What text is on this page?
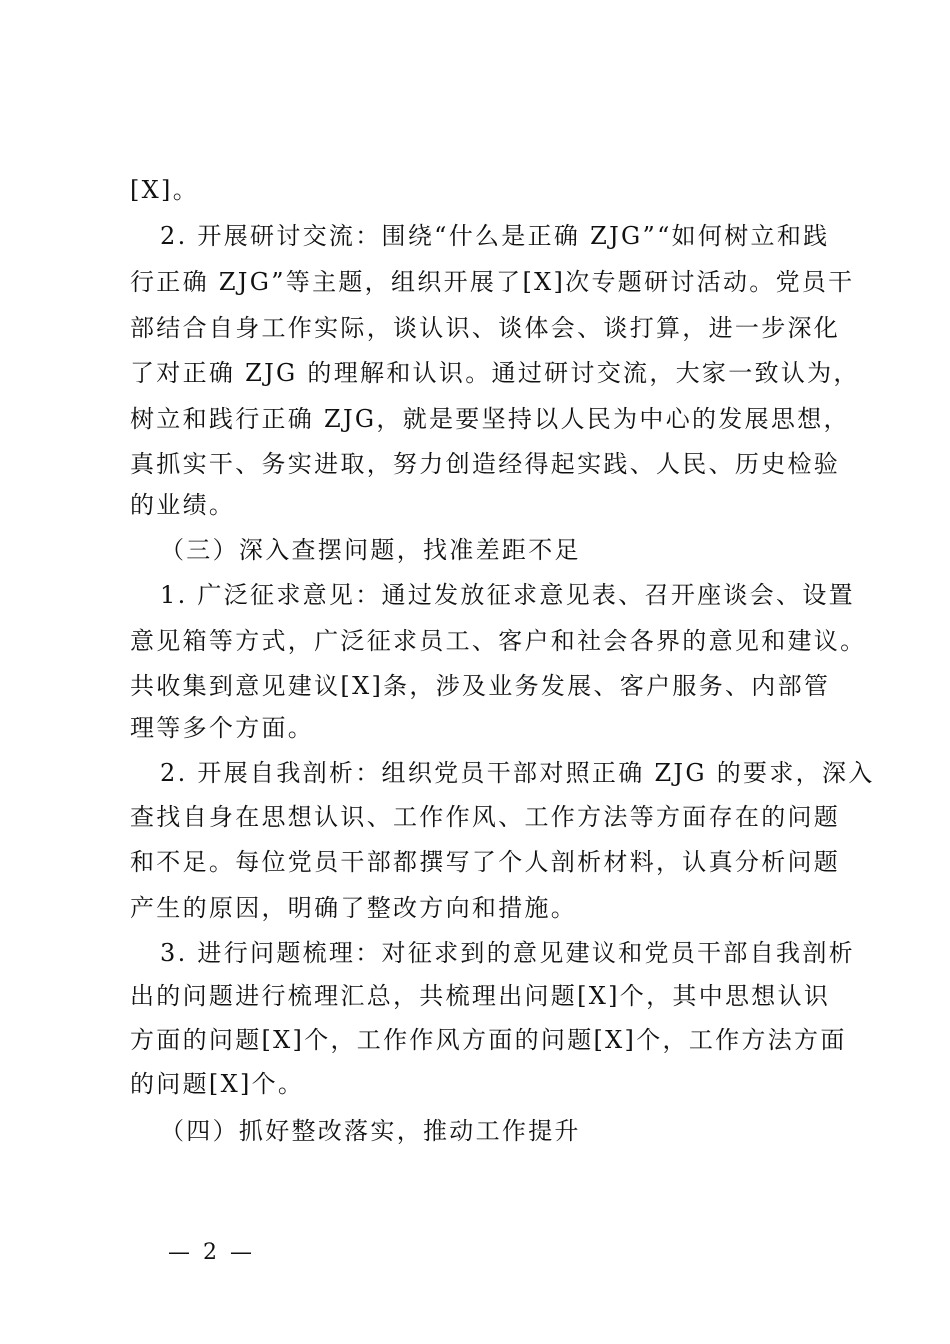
[X]。
2. 开展研讨交流：围绕“什么是正确 ZJG”“如何树立和践
行正确 ZJG”等主题，组织开展了[X]次专题研讨活动。党员干
部结合自身工作实际，谈认识、谈体会、谈打算，进一步深化
了对正确 ZJG 的理解和认识。通过研讨交流，大家一致认为，
树立和践行正确 ZJG，就是要坚持以人民为中心的发展思想，
真抓实干、务实进取，努力创造经得起实践、人民、历史检验
的业绩。
（三）深入查摆问题，找准差距不足
1. 广泛征求意见：通过发放征求意见表、召开座谈会、设置
意见箱等方式，广泛征求员工、客户和社会各界的意见和建议。
共收集到意见建议[X]条，涉及业务发展、客户服务、内部管
理等多个方面。
2. 开展自我剖析：组织党员干部对照正确 ZJG 的要求，深入
查找自身在思想认识、工作作风、工作方法等方面存在的问题
和不足。每位党员干部都撰写了个人剖析材料，认真分析问题
产生的原因，明确了整改方向和措施。
3. 进行问题梳理：对征求到的意见建议和党员干部自我剖析
出的问题进行梳理汇总，共梳理出问题[X]个，其中思想认识
方面的问题[X]个，工作作风方面的问题[X]个，工作方法方面
的问题[X]个。
（四）抓好整改落实，推动工作提升
— 2 —
